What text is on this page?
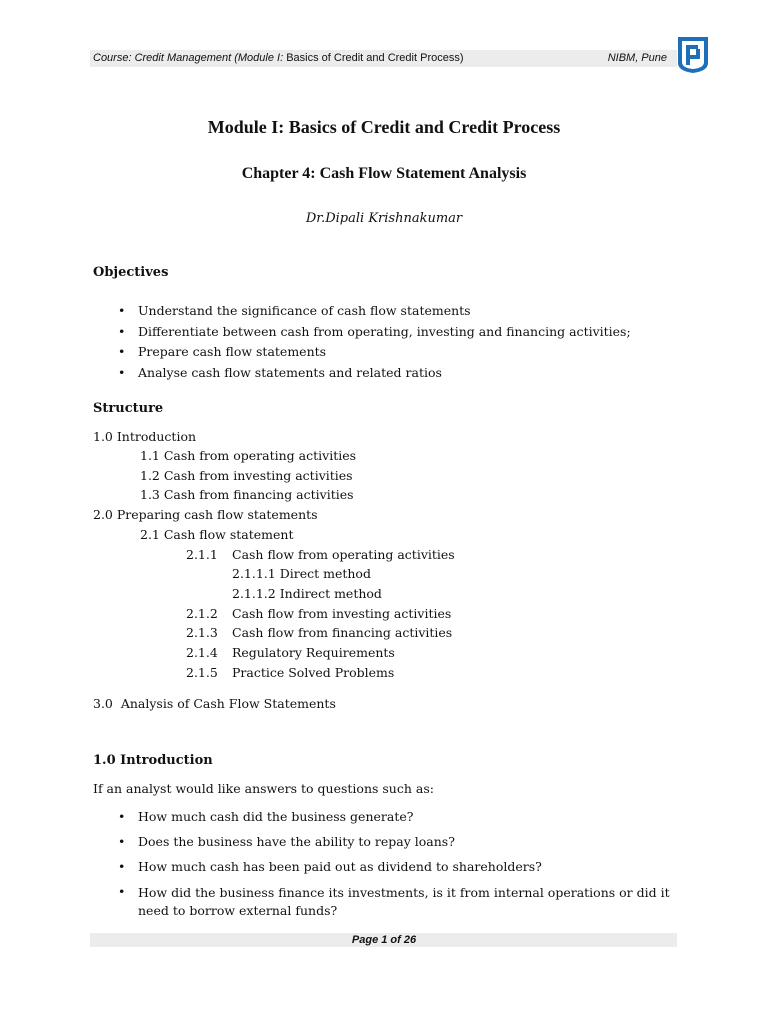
Course: Credit Management (Module I: Basics of Credit and Credit Process)	NIBM, Pune
Module I: Basics of Credit and Credit Process
Chapter 4: Cash Flow Statement Analysis
Dr.Dipali Krishnakumar
Objectives
• Understand the significance of cash flow statements
• Differentiate between cash from operating, investing and financing activities;
• Prepare cash flow statements
• Analyse cash flow statements and related ratios
Structure
1.0 Introduction
1.1 Cash from operating activities
1.2 Cash from investing activities
1.3 Cash from financing activities
2.0 Preparing cash flow statements
2.1 Cash flow statement
2.1.1 Cash flow from operating activities
2.1.1.1 Direct method
2.1.1.2 Indirect method
2.1.2 Cash flow from investing activities
2.1.3 Cash flow from financing activities
2.1.4 Regulatory Requirements
2.1.5 Practice Solved Problems
3.0  Analysis of Cash Flow Statements
1.0 Introduction
If an analyst would like answers to questions such as:
• How much cash did the business generate?
• Does the business have the ability to repay loans?
• How much cash has been paid out as dividend to shareholders?
• How did the business finance its investments, is it from internal operations or did it need to borrow external funds?
Page 1 of 26
